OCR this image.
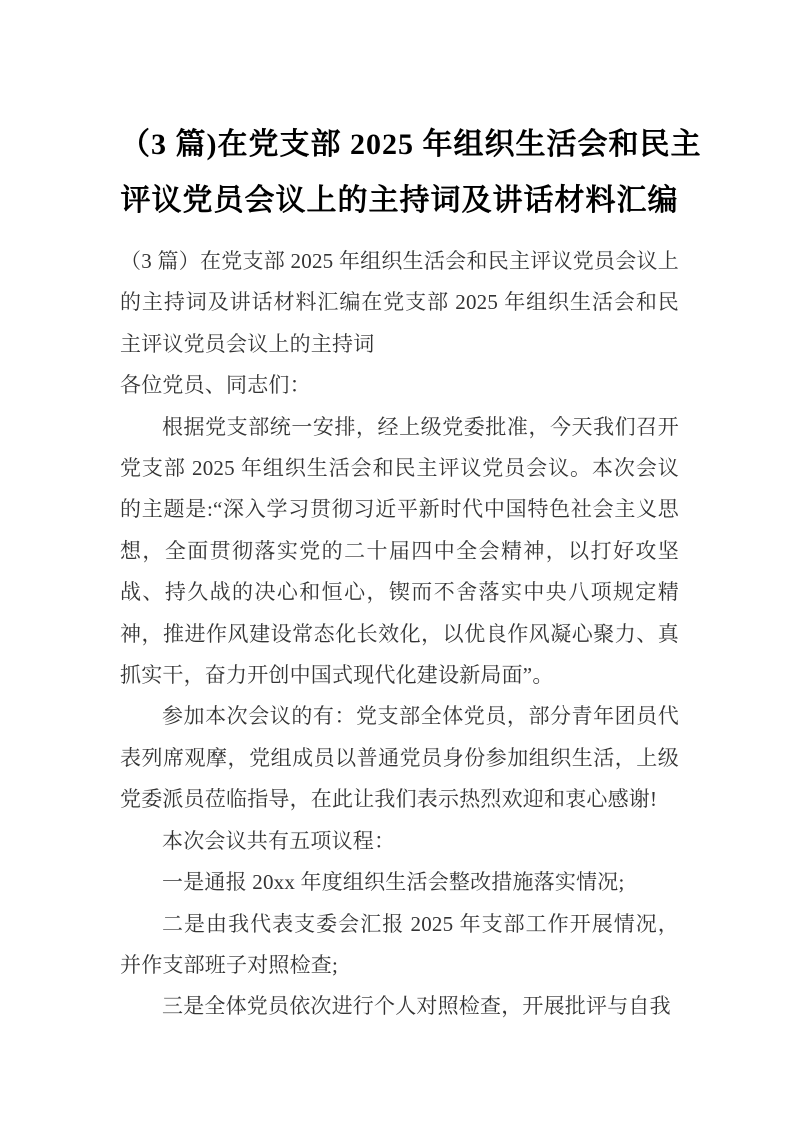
（3 篇)在党支部 2025 年组织生活会和民主
评议党员会议上的主持词及讲话材料汇编

（3 篇）在党支部 2025 年组织生活会和民主评议党员会议上的主持词及讲话材料汇编在党支部 2025 年组织生活会和民主评议党员会议上的主持词

各位党员、同志们：

根据党支部统一安排，经上级党委批准，今天我们召开党支部 2025 年组织生活会和民主评议党员会议。本次会议的主题是:“深入学习贯彻习近平新时代中国特色社会主义思想，全面贯彻落实党的二十届四中全会精神，以打好攻坚战、持久战的决心和恒心，锲而不舍落实中央八项规定精神，推进作风建设常态化长效化，以优良作风凝心聚力、真抓实干，奋力开创中国式现代化建设新局面”。

参加本次会议的有：党支部全体党员，部分青年团员代表列席观摩，党组成员以普通党员身份参加组织生活，上级党委派员莅临指导，在此让我们表示热烈欢迎和衷心感谢!

本次会议共有五项议程：

一是通报 20xx 年度组织生活会整改措施落实情况;

二是由我代表支委会汇报 2025 年支部工作开展情况，并作支部班子对照检查;

三是全体党员依次进行个人对照检查，开展批评与自我
